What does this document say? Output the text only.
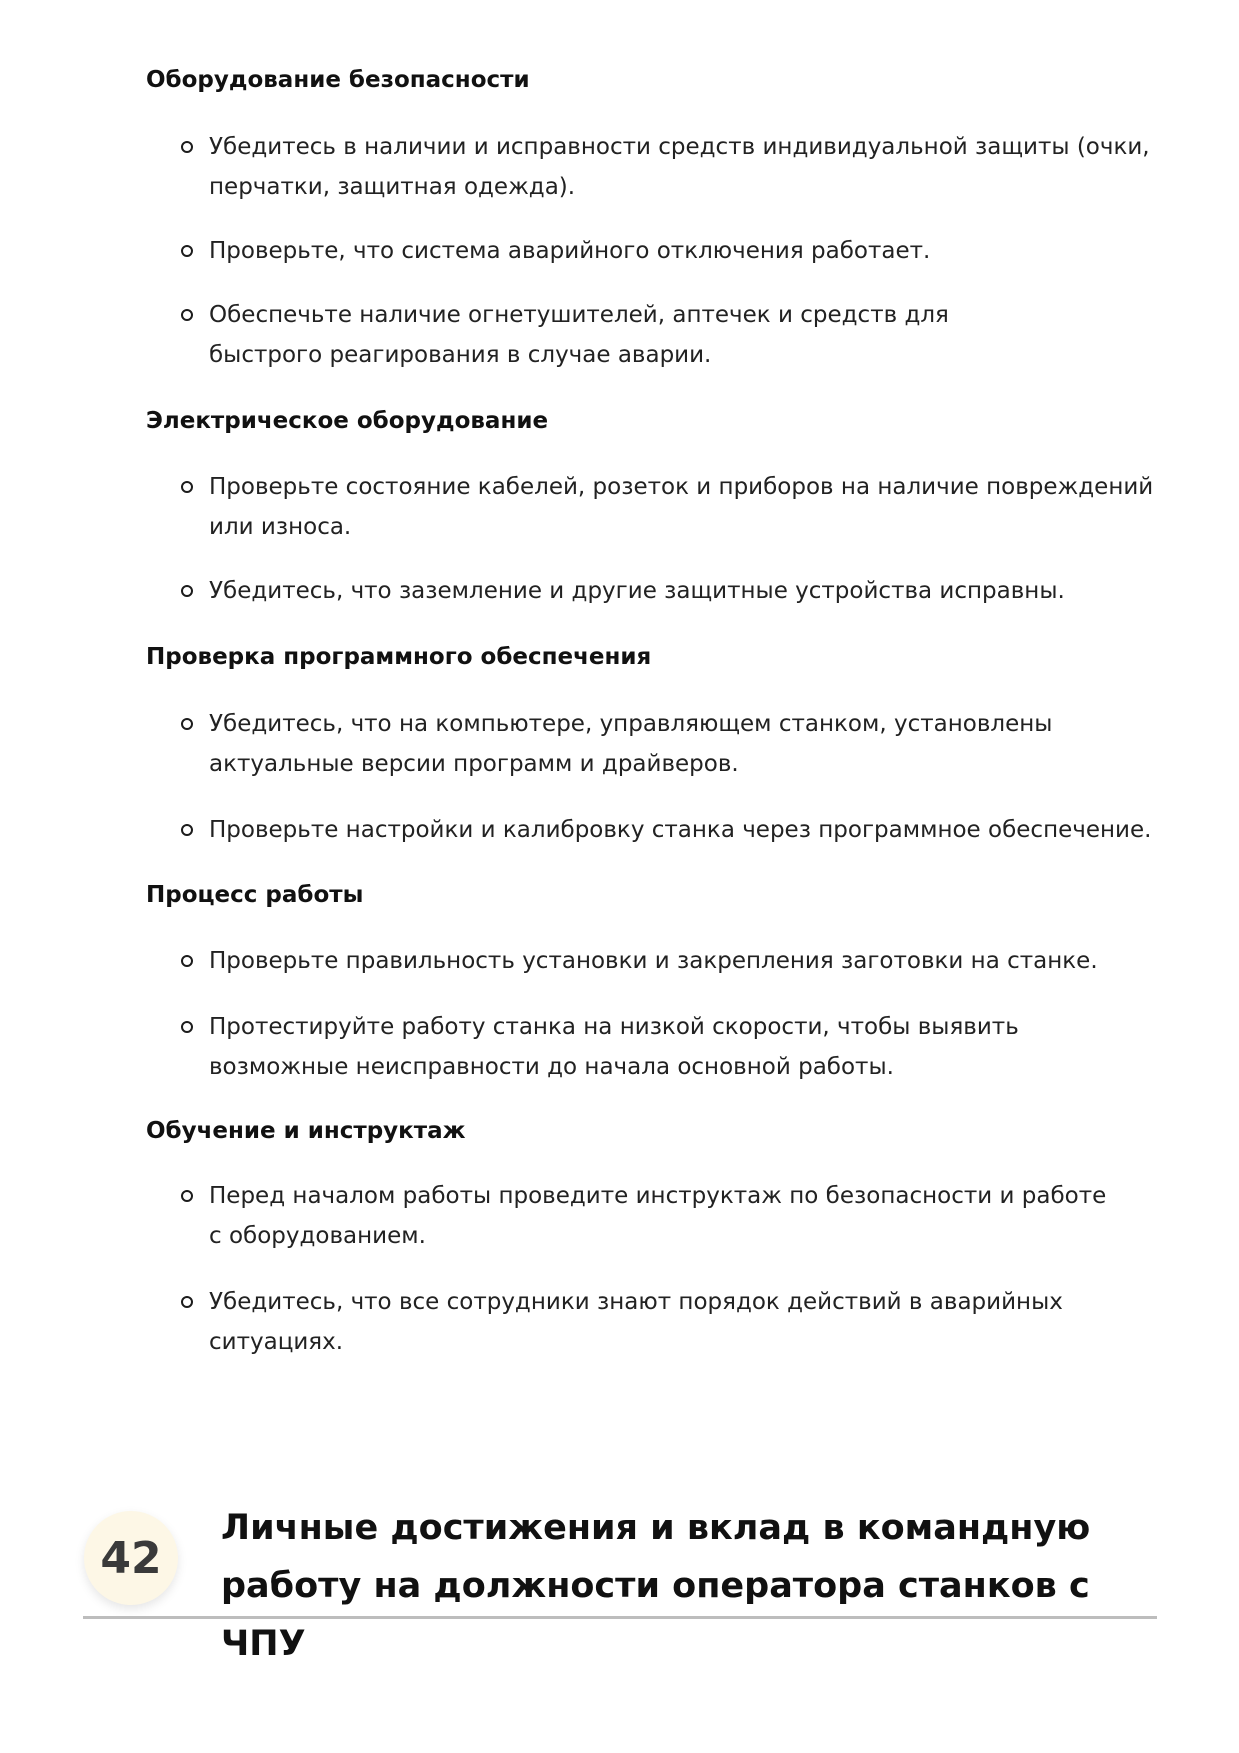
Оборудование безопасности
Убедитесь в наличии и исправности средств индивидуальной защиты (очки, перчатки, защитная одежда).
Проверьте, что система аварийного отключения работает.
Обеспечьте наличие огнетушителей, аптечек и средств для быстрого реагирования в случае аварии.
Электрическое оборудование
Проверьте состояние кабелей, розеток и приборов на наличие повреждений или износа.
Убедитесь, что заземление и другие защитные устройства исправны.
Проверка программного обеспечения
Убедитесь, что на компьютере, управляющем станком, установлены актуальные версии программ и драйверов.
Проверьте настройки и калибровку станка через программное обеспечение.
Процесс работы
Проверьте правильность установки и закрепления заготовки на станке.
Протестируйте работу станка на низкой скорости, чтобы выявить возможные неисправности до начала основной работы.
Обучение и инструктаж
Перед началом работы проведите инструктаж по безопасности и работе с оборудованием.
Убедитесь, что все сотрудники знают порядок действий в аварийных ситуациях.
42
Личные достижения и вклад в командную работу на должности оператора станков с ЧПУ
